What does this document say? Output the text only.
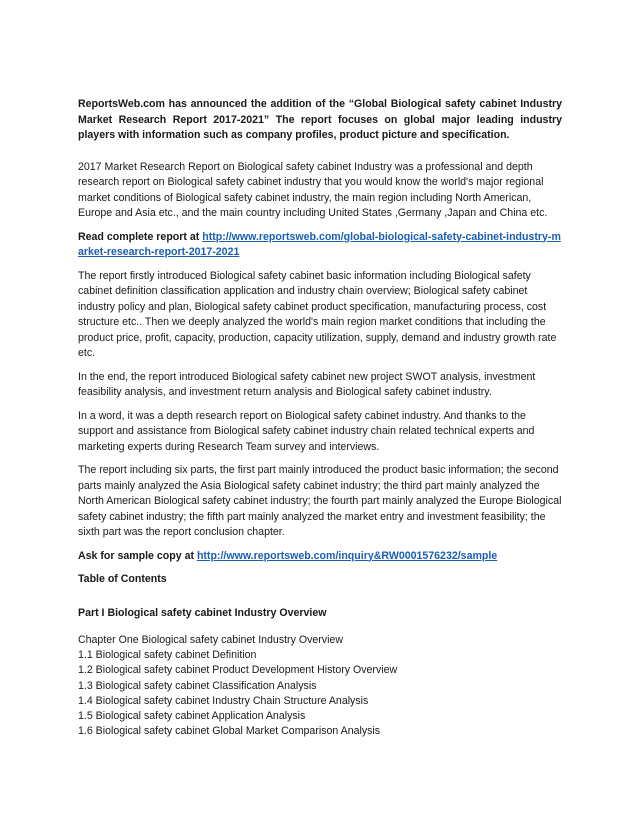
ReportsWeb.com has announced the addition of the “Global Biological safety cabinet Industry Market Research Report 2017-2021” The report focuses on global major leading industry players with information such as company profiles, product picture and specification.

2017 Market Research Report on Biological safety cabinet Industry was a professional and depth research report on Biological safety cabinet industry that you would know the world's major regional market conditions of Biological safety cabinet industry, the main region including North American, Europe and Asia etc., and the main country including United States ,Germany ,Japan and China etc.

Read complete report at http://www.reportsweb.com/global-biological-safety-cabinet-industry-market-research-report-2017-2021

The report firstly introduced Biological safety cabinet basic information including Biological safety cabinet definition classification application and industry chain overview; Biological safety cabinet industry policy and plan, Biological safety cabinet product specification, manufacturing process, cost structure etc.. Then we deeply analyzed the world's main region market conditions that including the product price, profit, capacity, production, capacity utilization, supply, demand and industry growth rate etc.

In the end, the report introduced Biological safety cabinet new project SWOT analysis, investment feasibility analysis, and investment return analysis and Biological safety cabinet industry.

In a word, it was a depth research report on Biological safety cabinet industry. And thanks to the support and assistance from Biological safety cabinet industry chain related technical experts and marketing experts during Research Team survey and interviews.

The report including six parts, the first part mainly introduced the product basic information; the second parts mainly analyzed the Asia Biological safety cabinet industry; the third part mainly analyzed the North American Biological safety cabinet industry; the fourth part mainly analyzed the Europe Biological safety cabinet industry; the fifth part mainly analyzed the market entry and investment feasibility; the sixth part was the report conclusion chapter.

Ask for sample copy at http://www.reportsweb.com/inquiry&RW0001576232/sample

Table of Contents

Part I Biological safety cabinet Industry Overview

Chapter One Biological safety cabinet Industry Overview
1.1 Biological safety cabinet Definition
1.2 Biological safety cabinet Product Development History Overview
1.3 Biological safety cabinet Classification Analysis
1.4 Biological safety cabinet Industry Chain Structure Analysis
1.5 Biological safety cabinet Application Analysis
1.6 Biological safety cabinet Global Market Comparison Analysis
